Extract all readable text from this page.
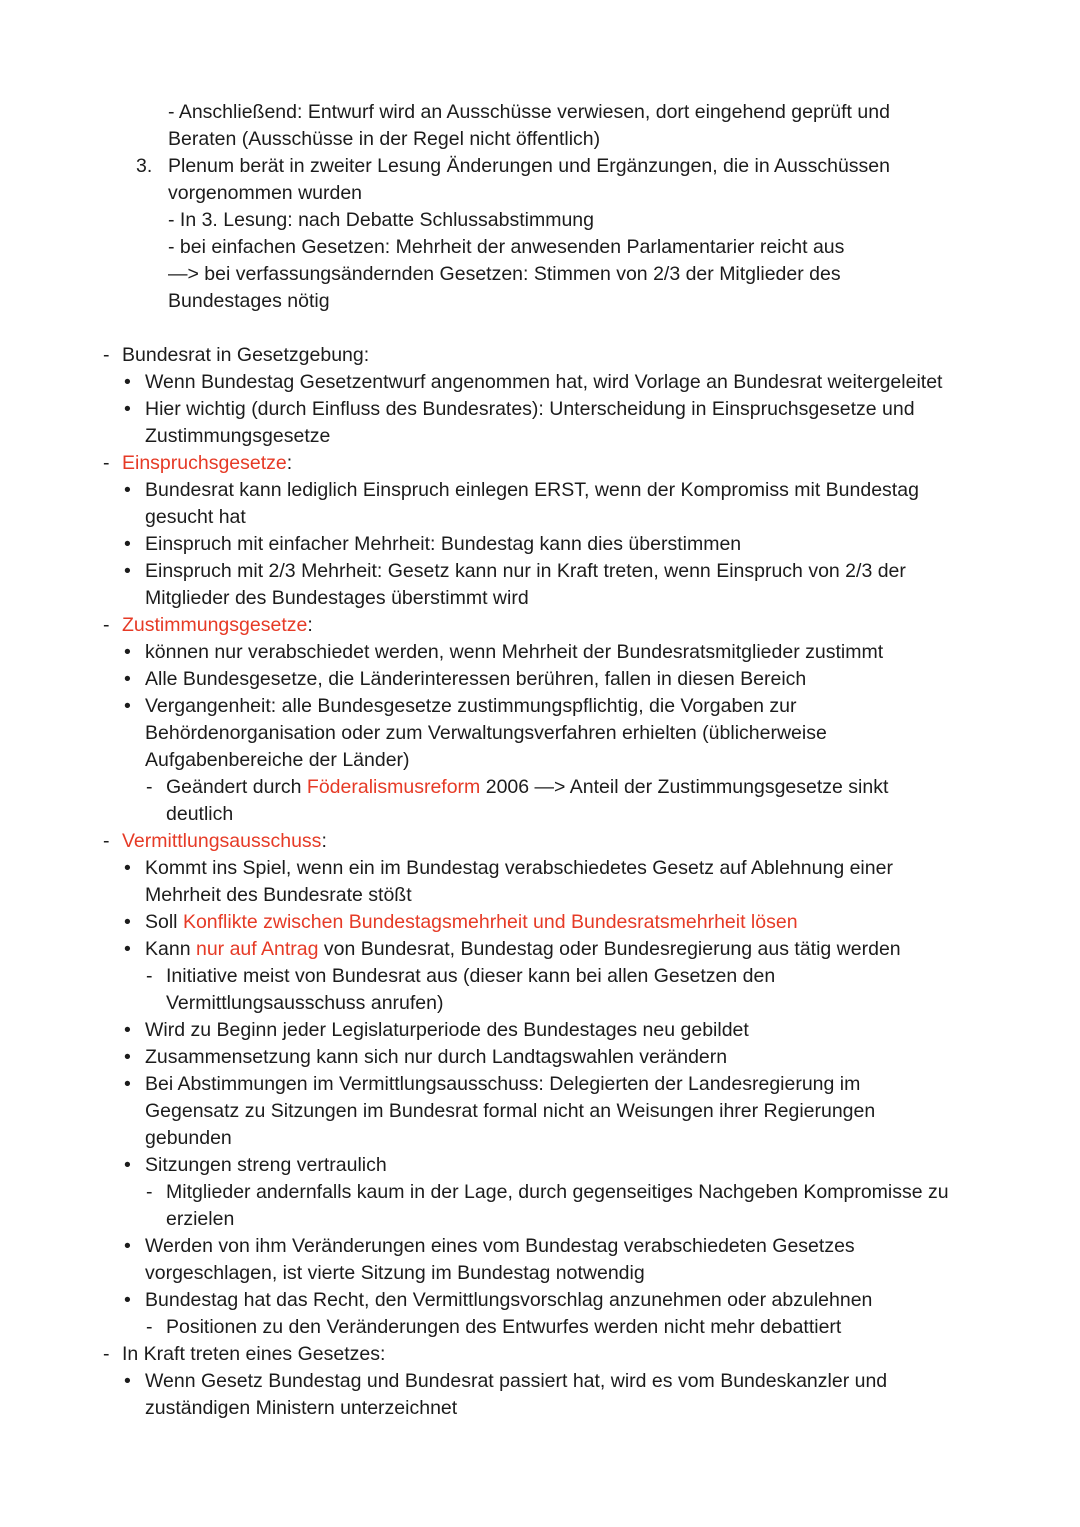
- Anschließend: Entwurf wird an Ausschüsse verwiesen, dort eingehend geprüft und
Beraten (Ausschüsse in der Regel nicht öffentlich)
3. Plenum berät in zweiter Lesung Änderungen und Ergänzungen, die in Ausschüssen
vorgenommen wurden
- In 3. Lesung: nach Debatte Schlussabstimmung
- bei einfachen Gesetzen: Mehrheit der anwesenden Parlamentarier reicht aus
—> bei verfassungsändernden Gesetzen: Stimmen von 2/3 der Mitglieder des
Bundestages nötig
- Bundesrat in Gesetzgebung:
• Wenn Bundestag Gesetzentwurf angenommen hat, wird Vorlage an Bundesrat weitergeleitet
• Hier wichtig (durch Einfluss des Bundesrates): Unterscheidung in Einspruchsgesetze und
Zustimmungsgesetze
- Einspruchsgesetze:
• Bundesrat kann lediglich Einspruch einlegen ERST, wenn der Kompromiss mit Bundestag
gesucht hat
• Einspruch mit einfacher Mehrheit: Bundestag kann dies überstimmen
• Einspruch mit 2/3 Mehrheit: Gesetz kann nur in Kraft treten, wenn Einspruch von 2/3 der
Mitglieder des Bundestages überstimmt wird
- Zustimmungsgesetze:
• können nur verabschiedet werden, wenn Mehrheit der Bundesratsmitglieder zustimmt
• Alle Bundesgesetze, die Länderinteressen berühren, fallen in diesen Bereich
• Vergangenheit: alle Bundesgesetze zustimmungspflichtig, die Vorgaben zur
Behördenorganisation oder zum Verwaltungsverfahren erhielten (üblicherweise
Aufgabenbereiche der Länder)
- Geändert durch Föderalismusreform 2006 —> Anteil der Zustimmungsgesetze sinkt
deutlich
- Vermittlungsausschuss:
• Kommt ins Spiel, wenn ein im Bundestag verabschiedetes Gesetz auf Ablehnung einer
Mehrheit des Bundesrate stößt
• Soll Konflikte zwischen Bundestagsmehrheit und Bundesratsmehrheit lösen
• Kann nur auf Antrag von Bundesrat, Bundestag oder Bundesregierung aus tätig werden
- Initiative meist von Bundesrat aus (dieser kann bei allen Gesetzen den
Vermittlungsausschuss anrufen)
• Wird zu Beginn jeder Legislaturperiode des Bundestages neu gebildet
• Zusammensetzung kann sich nur durch Landtagswahlen verändern
• Bei Abstimmungen im Vermittlungsausschuss: Delegierten der Landesregierung im
Gegensatz zu Sitzungen im Bundesrat formal nicht an Weisungen ihrer Regierungen
gebunden
• Sitzungen streng vertraulich
- Mitglieder andernfalls kaum in der Lage, durch gegenseitiges Nachgeben Kompromisse zu
erzielen
• Werden von ihm Veränderungen eines vom Bundestag verabschiedeten Gesetzes
vorgeschlagen, ist vierte Sitzung im Bundestag notwendig
• Bundestag hat das Recht, den Vermittlungsvorschlag anzunehmen oder abzulehnen
- Positionen zu den Veränderungen des Entwurfes werden nicht mehr debattiert
- In Kraft treten eines Gesetzes:
• Wenn Gesetz Bundestag und Bundesrat passiert hat, wird es vom Bundeskanzler und
zuständigen Ministern unterzeichnet
